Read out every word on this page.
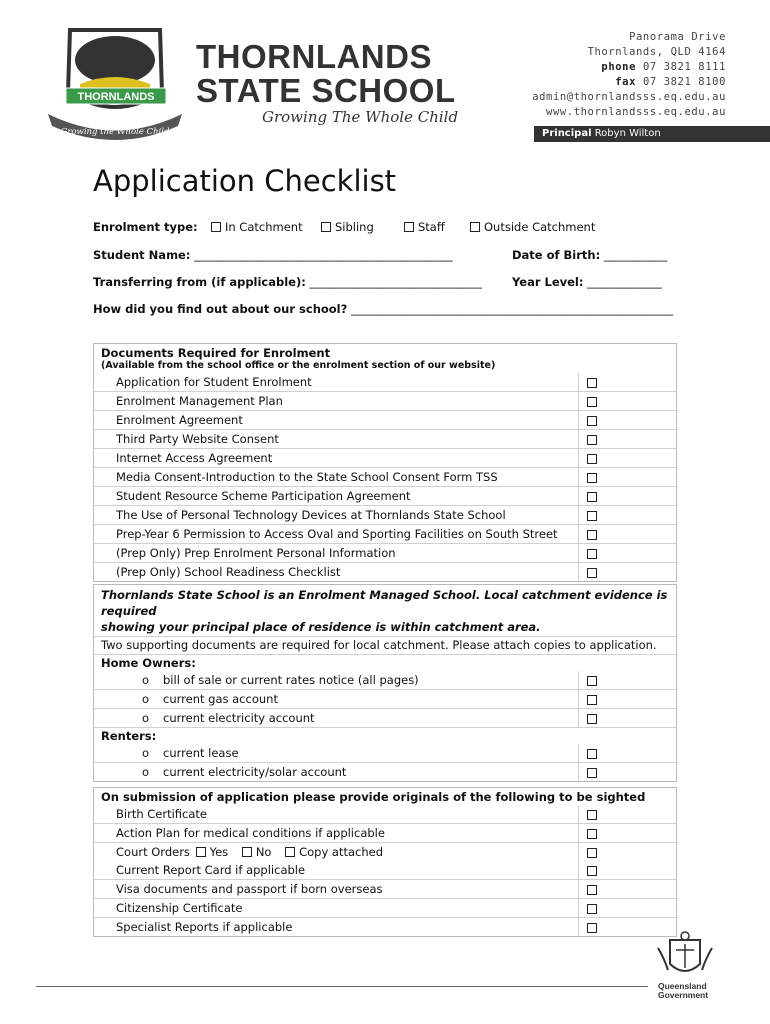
THORNLANDS
Growing the Whole Child
THORNLANDS
STATE SCHOOL
Growing The Whole Child
Panorama Drive
Thornlands, QLD 4164
phone 07 3821 8111
fax 07 3821 8100
admin@thornlandsss.eq.edu.au
www.thornlandsss.eq.edu.au
Principal Robyn Wilton
Application Checklist
Enrolment type: In Catchment	Sibling	Staff	Outside Catchment
Student Name: _____________________________________________	Date of Birth: ___________
Transferring from (if applicable): ______________________________	Year Level: _____________
How did you find out about our school? ________________________________________________________
Documents Required for Enrolment
(Available from the school office or the enrolment section of our website)
Application for Student Enrolment
Enrolment Management Plan
Enrolment Agreement
Third Party Website Consent
Internet Access Agreement
Media Consent-Introduction to the State School Consent Form TSS
Student Resource Scheme Participation Agreement
The Use of Personal Technology Devices at Thornlands State School
Prep-Year 6 Permission to Access Oval and Sporting Facilities on South Street
(Prep Only) Prep Enrolment Personal Information
(Prep Only) School Readiness Checklist
Thornlands State School is an Enrolment Managed School. Local catchment evidence is required
showing your principal place of residence is within catchment area.
Two supporting documents are required for local catchment. Please attach copies to application.
Home Owners:
o bill of sale or current rates notice (all pages)
o current gas account
o current electricity account
Renters:
o current lease
o current electricity/solar account
On submission of application please provide originals of the following to be sighted
Birth Certificate
Action Plan for medical conditions if applicable
Court Orders Yes No Copy attached
Current Report Card if applicable
Visa documents and passport if born overseas
Citizenship Certificate
Specialist Reports if applicable
Queensland
Government
